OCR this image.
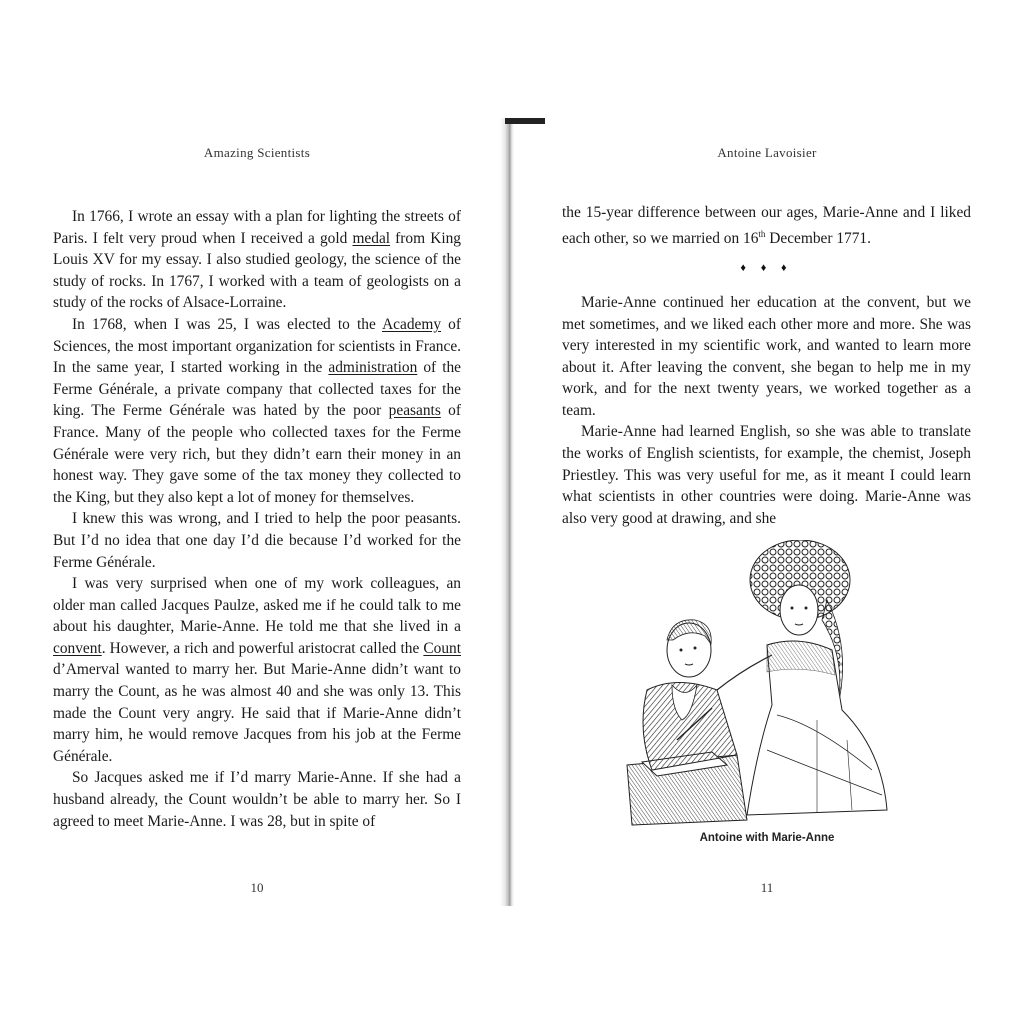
Amazing Scientists

In 1766, I wrote an essay with a plan for lighting the streets of Paris. I felt very proud when I received a gold medal from King Louis XV for my essay. I also studied geology, the science of the study of rocks. In 1767, I worked with a team of geologists on a study of the rocks of Alsace-Lorraine.

In 1768, when I was 25, I was elected to the Academy of Sciences, the most important organization for scientists in France. In the same year, I started working in the administration of the Ferme Générale, a private company that collected taxes for the king. The Ferme Générale was hated by the poor peasants of France. Many of the people who collected taxes for the Ferme Générale were very rich, but they didn’t earn their money in an honest way. They gave some of the tax money they collected to the King, but they also kept a lot of money for themselves.

I knew this was wrong, and I tried to help the poor peasants. But I’d no idea that one day I’d die because I’d worked for the Ferme Générale.

I was very surprised when one of my work colleagues, an older man called Jacques Paulze, asked me if he could talk to me about his daughter, Marie-Anne. He told me that she lived in a convent. However, a rich and powerful aristocrat called the Count d’Amerval wanted to marry her. But Marie-Anne didn’t want to marry the Count, as he was almost 40 and she was only 13. This made the Count very angry. He said that if Marie-Anne didn’t marry him, he would remove Jacques from his job at the Ferme Générale.

So Jacques asked me if I’d marry Marie-Anne. If she had a husband already, the Count wouldn’t be able to marry her. So I agreed to meet Marie-Anne. I was 28, but in spite of

10
Antoine Lavoisier

the 15-year difference between our ages, Marie-Anne and I liked each other, so we married on 16th December 1771.

♦ ♦ ♦

Marie-Anne continued her education at the convent, but we met sometimes, and we liked each other more and more. She was very interested in my scientific work, and wanted to learn more about it. After leaving the convent, she began to help me in my work, and for the next twenty years, we worked together as a team.

Marie-Anne had learned English, so she was able to translate the works of English scientists, for example, the chemist, Joseph Priestley. This was very useful for me, as it meant I could learn what scientists in other countries were doing. Marie-Anne was also very good at drawing, and she

Antoine with Marie-Anne
11
